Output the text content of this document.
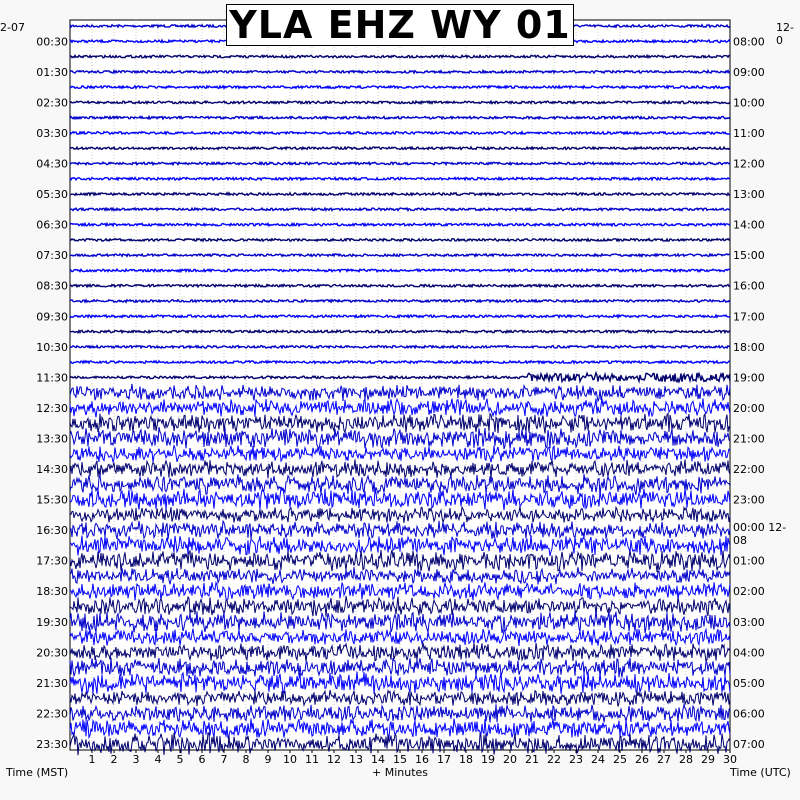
1 2 3 4 5 6 7 8 9 10 11 12 13 14 15 16 17 18 19 20 21 22 23 24 25 26 27 28 29 30
00:30
01:30
02:30
03:30
04:30
05:30
06:30
07:30
08:30
09:30
10:30
11:30
12:30
13:30
14:30
15:30
16:30
17:30
18:30
19:30
20:30
21:30
22:30
23:30
08:00
09:00
10:00
11:00
12:00
13:00
14:00
15:00
16:00
17:00
18:00
19:00
20:00
21:00
22:00
23:00
01:00
02:00
03:00
04:00
05:00
06:00
07:00
YLA EHZ WY 01
2-07	12-0
+ Minutes
Time (MST)	Time (UTC)
00:00 12-08
